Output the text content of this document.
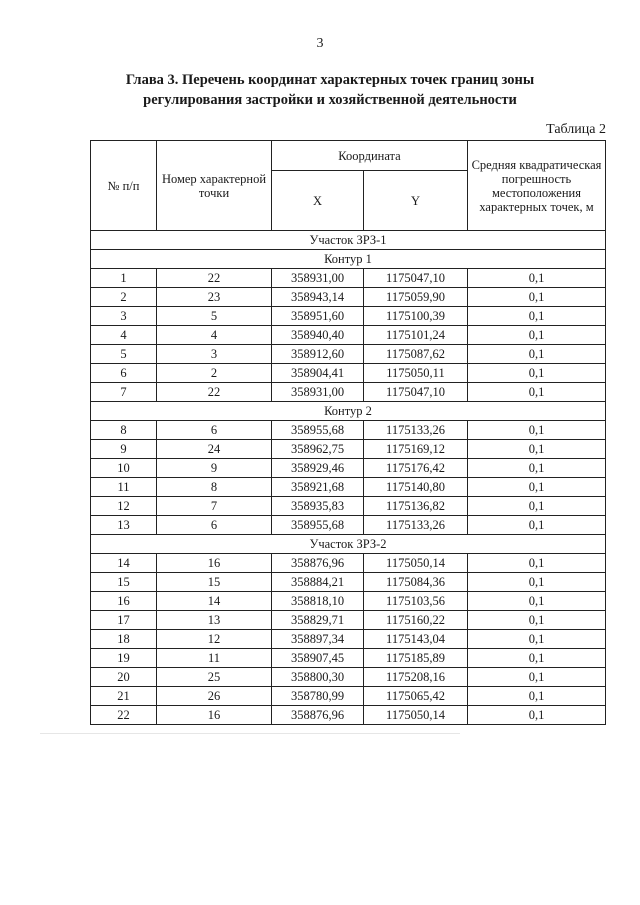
3
Глава 3. Перечень координат характерных точек границ зоны
регулирования застройки и хозяйственной деятельности
Таблица 2
№ п/п	Номер характерной точки	Координата		Средняя квадратическая погрешность местоположения характерных точек, м
		X	Y	
Участок ЗРЗ-1				
Контур 1				
1	22	358931,00	1175047,10	0,1
2	23	358943,14	1175059,90	0,1
3	5	358951,60	1175100,39	0,1
4	4	358940,40	1175101,24	0,1
5	3	358912,60	1175087,62	0,1
6	2	358904,41	1175050,11	0,1
7	22	358931,00	1175047,10	0,1
Контур 2				
8	6	358955,68	1175133,26	0,1
9	24	358962,75	1175169,12	0,1
10	9	358929,46	1175176,42	0,1
11	8	358921,68	1175140,80	0,1
12	7	358935,83	1175136,82	0,1
13	6	358955,68	1175133,26	0,1
Участок ЗРЗ-2				
14	16	358876,96	1175050,14	0,1
15	15	358884,21	1175084,36	0,1
16	14	358818,10	1175103,56	0,1
17	13	358829,71	1175160,22	0,1
18	12	358897,34	1175143,04	0,1
19	11	358907,45	1175185,89	0,1
20	25	358800,30	1175208,16	0,1
21	26	358780,99	1175065,42	0,1
22	16	358876,96	1175050,14	0,1
